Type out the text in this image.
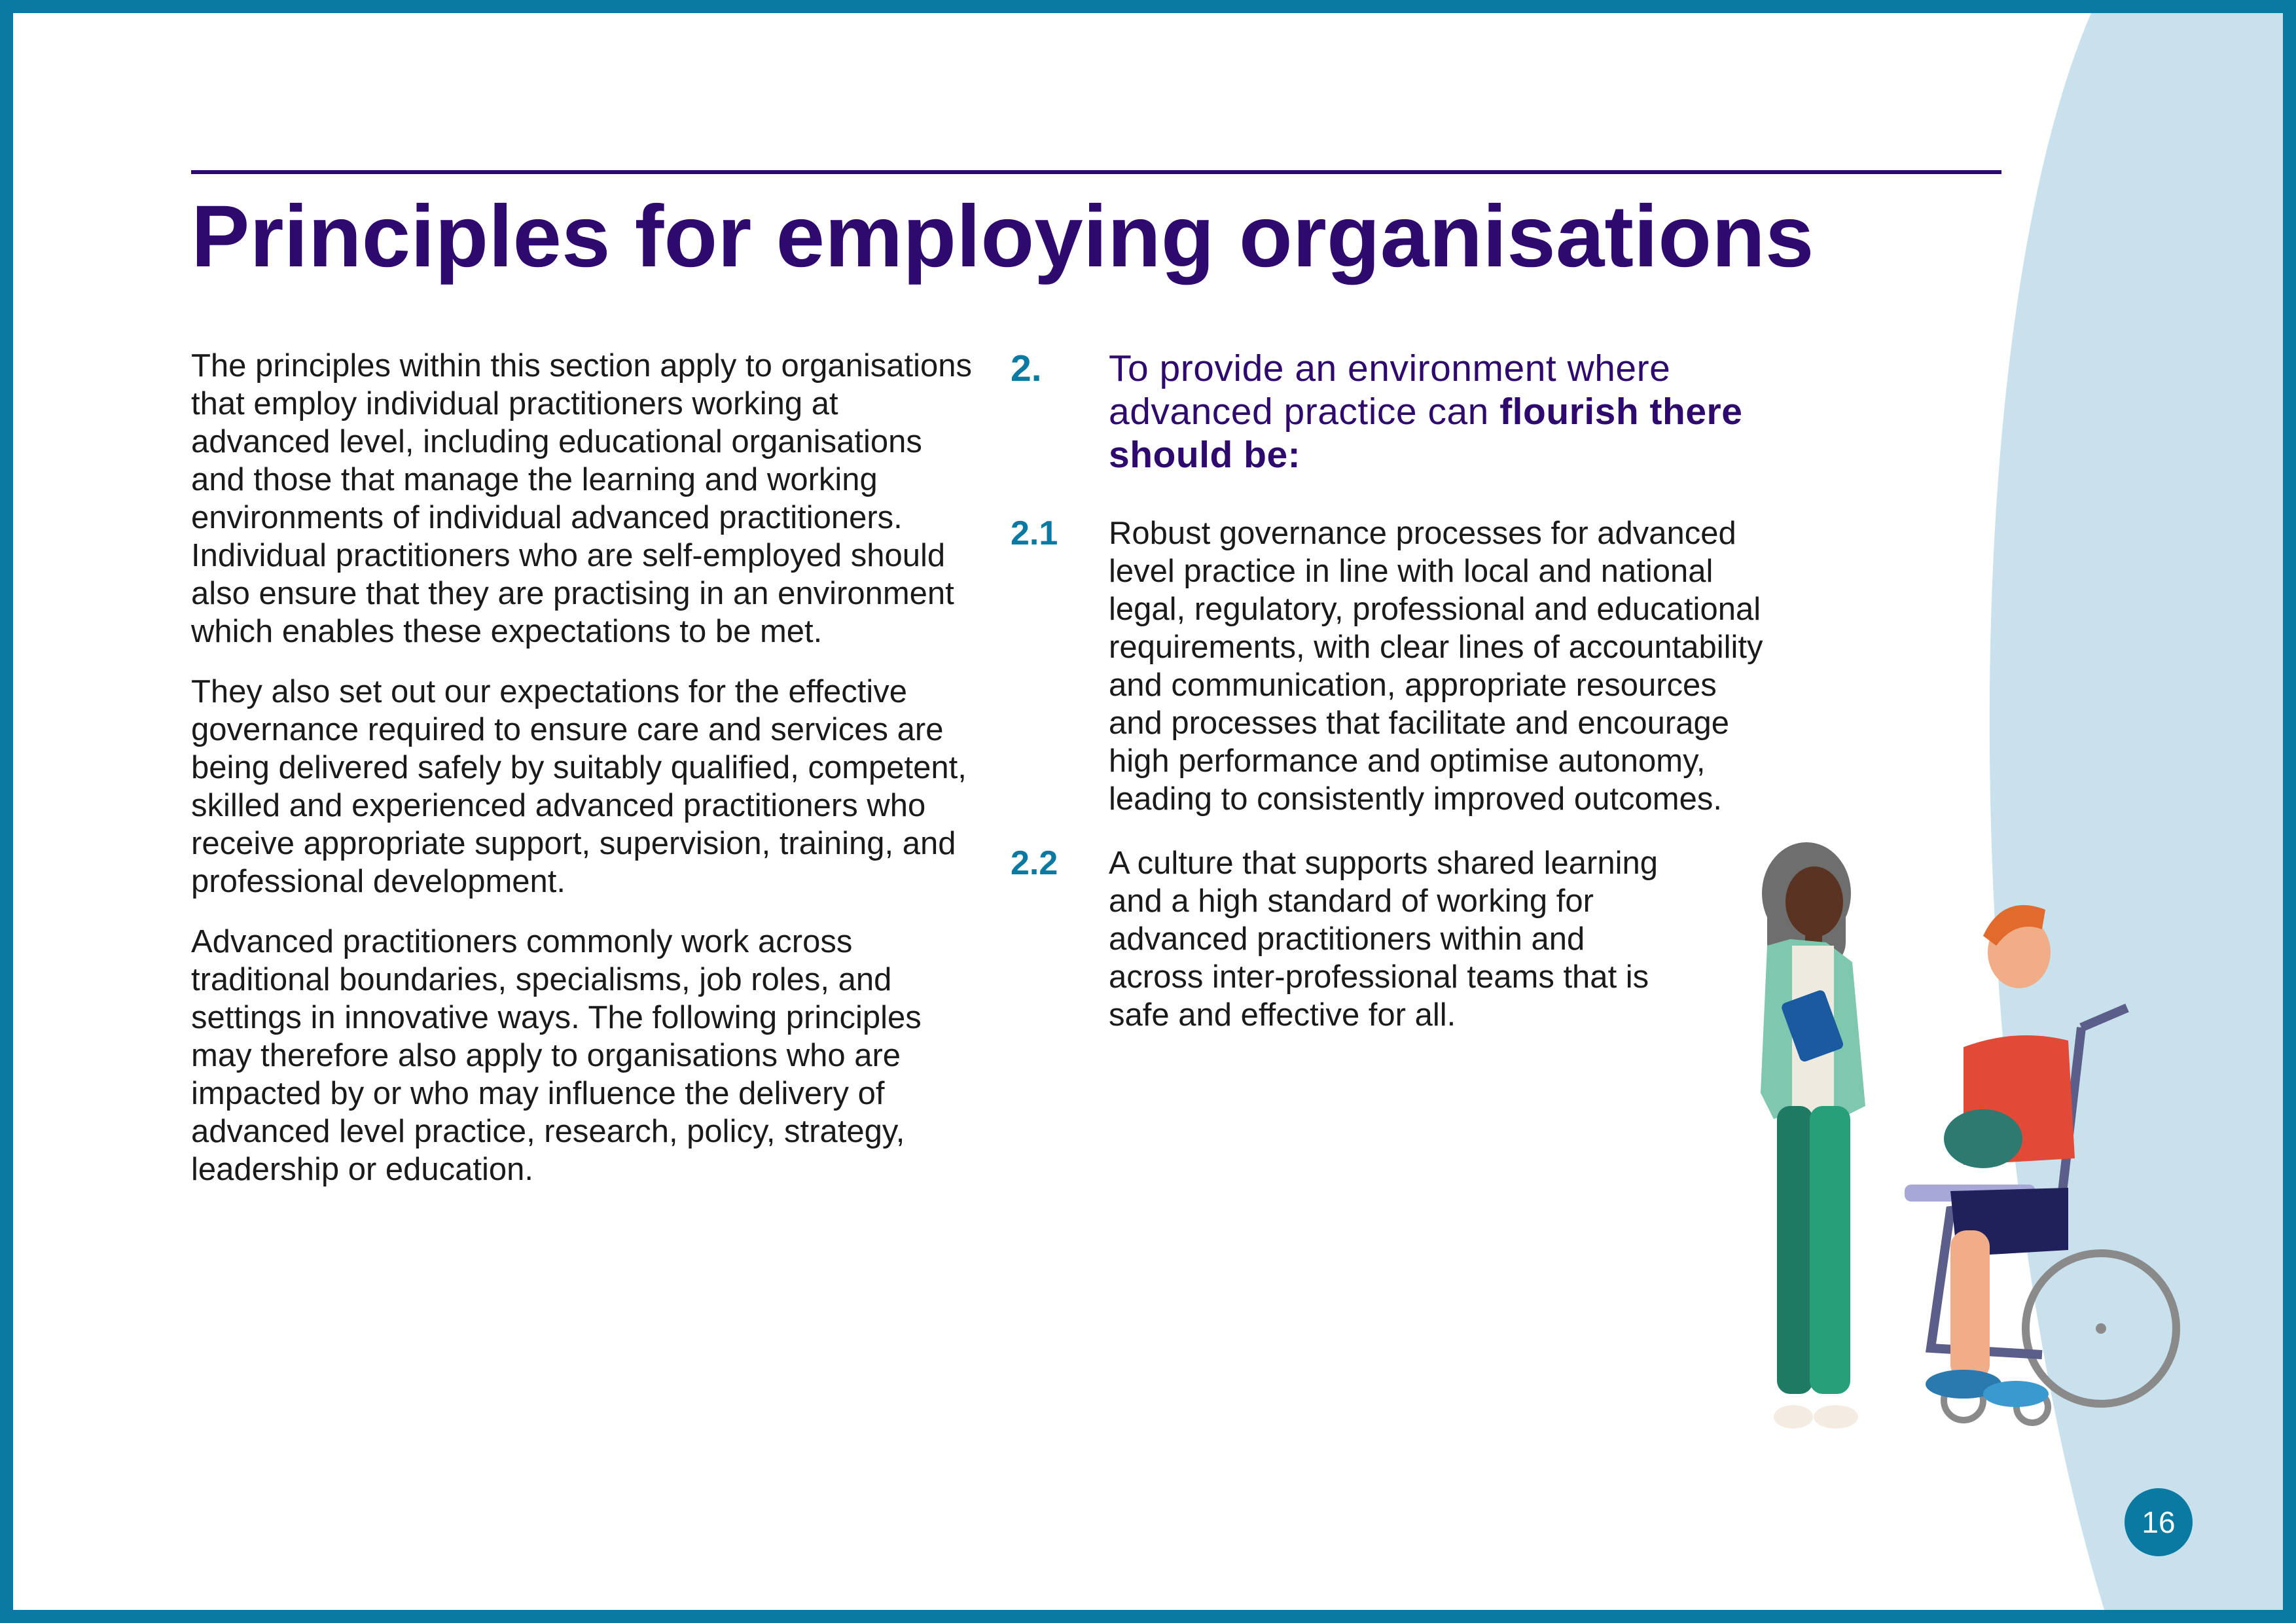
Principles for employing organisations

The principles within this section apply to organisations that employ individual practitioners working at advanced level, including educational organisations and those that manage the learning and working environments of individual advanced practitioners. Individual practitioners who are self-employed should also ensure that they are practising in an environment which enables these expectations to be met.

They also set out our expectations for the effective governance required to ensure care and services are being delivered safely by suitably qualified, competent, skilled and experienced advanced practitioners who receive appropriate support, supervision, training, and professional development.

Advanced practitioners commonly work across traditional boundaries, specialisms, job roles, and settings in innovative ways. The following principles may therefore also apply to organisations who are impacted by or who may influence the delivery of advanced level practice, research, policy, strategy, leadership or education.

2.	To provide an environment where advanced practice can flourish there should be:
2.1	Robust governance processes for advanced level practice in line with local and national legal, regulatory, professional and educational requirements, with clear lines of accountability and communication, appropriate resources and processes that facilitate and encourage high performance and optimise autonomy, leading to consistently improved outcomes.
2.2	A culture that supports shared learning and a high standard of working for advanced practitioners within and across inter-professional teams that is safe and effective for all.
16
